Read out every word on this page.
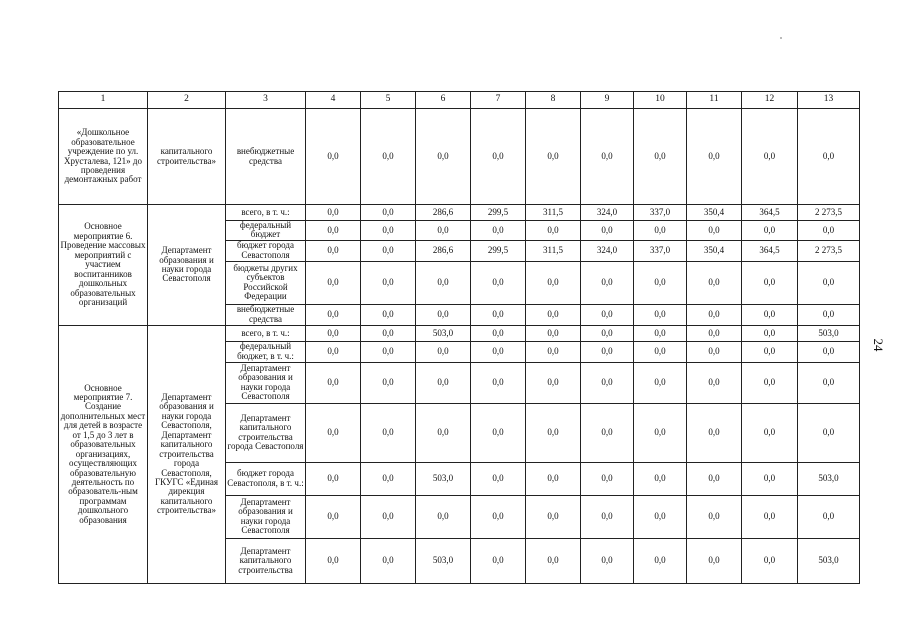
1	2	3	4	5	6	7	8	9	10	11	12	13
«Дошкольное образовательное учреждение по ул. Хрусталева, 121» до проведения демонтажных работ	капитального строительства»	внебюджетные средства	0,0	0,0	0,0	0,0	0,0	0,0	0,0	0,0	0,0	0,0
Основное мероприятие 6. Проведение массовых мероприятий с участием воспитанников дошкольных образовательных организаций	Департамент образования и науки города Севастополя	всего, в т. ч.:	0,0	0,0	286,6	299,5	311,5	324,0	337,0	350,4	364,5	2 273,5
		федеральный бюджет	0,0	0,0	0,0	0,0	0,0	0,0	0,0	0,0	0,0	0,0
		бюджет города Севастополя	0,0	0,0	286,6	299,5	311,5	324,0	337,0	350,4	364,5	2 273,5
		бюджеты других субъектов Российской Федерации	0,0	0,0	0,0	0,0	0,0	0,0	0,0	0,0	0,0	0,0
		внебюджетные средства	0,0	0,0	0,0	0,0	0,0	0,0	0,0	0,0	0,0	0,0
Основное мероприятие 7. Создание дополнительных мест для детей в возрасте от 1,5 до 3 лет в образовательных организациях, осуществляющих образовательную деятельность по образователь-ным программам дошкольного образования	Департамент образования и науки города Севастополя, Департамент капитального строительства города Севастополя, ГКУГС «Единая дирекция капитального строительства»	всего, в т. ч.:	0,0	0,0	503,0	0,0	0,0	0,0	0,0	0,0	0,0	503,0
		федеральный бюджет, в т. ч.:	0,0	0,0	0,0	0,0	0,0	0,0	0,0	0,0	0,0	0,0
		Департамент образования и науки города Севастополя	0,0	0,0	0,0	0,0	0,0	0,0	0,0	0,0	0,0	0,0
		Департамент капитального строительства города Севастополя	0,0	0,0	0,0	0,0	0,0	0,0	0,0	0,0	0,0	0,0
		бюджет города Севастополя, в т. ч.:	0,0	0,0	503,0	0,0	0,0	0,0	0,0	0,0	0,0	503,0
		Департамент образования и науки города Севастополя	0,0	0,0	0,0	0,0	0,0	0,0	0,0	0,0	0,0	0,0
		Департамент капитального строительства	0,0	0,0	503,0	0,0	0,0	0,0	0,0	0,0	0,0	503,0
24
